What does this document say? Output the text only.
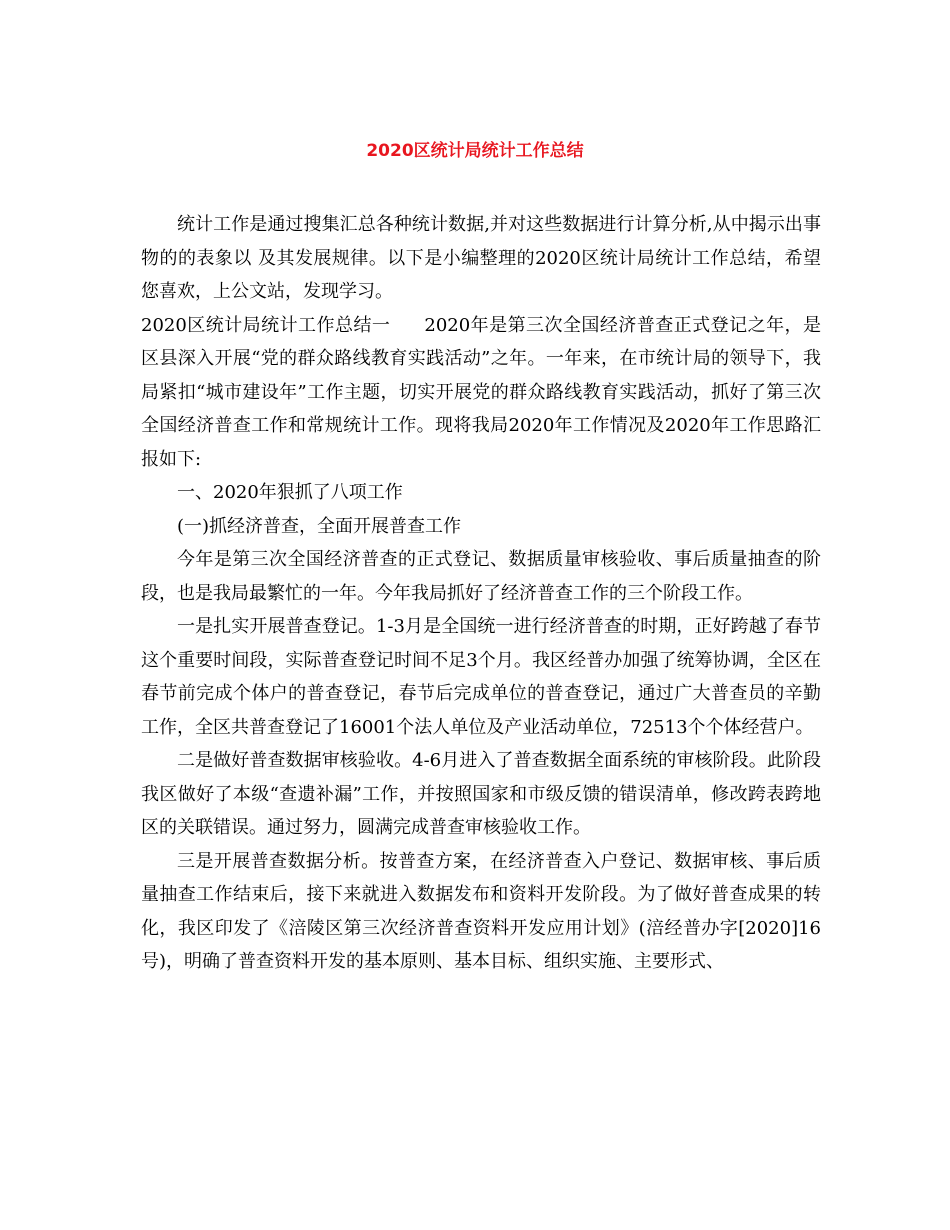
2020区统计局统计工作总结

统计工作是通过搜集汇总各种统计数据,并对这些数据进行计算分析,从中揭示出事物的的表象以 及其发展规律。以下是小编整理的2020区统计局统计工作总结，希望您喜欢，上公文站，发现学习。

2020区统计局统计工作总结一 2020年是第三次全国经济普查正式登记之年，是区县深入开展“党的群众路线教育实践活动”之年。一年来，在市统计局的领导下，我局紧扣“城市建设年”工作主题，切实开展党的群众路线教育实践活动，抓好了第三次全国经济普查工作和常规统计工作。现将我局2020年工作情况及2020年工作思路汇报如下:

一、2020年狠抓了八项工作

(一)抓经济普查，全面开展普查工作

今年是第三次全国经济普查的正式登记、数据质量审核验收、事后质量抽查的阶段，也是我局最繁忙的一年。今年我局抓好了经济普查工作的三个阶段工作。

一是扎实开展普查登记。1-3月是全国统一进行经济普查的时期，正好跨越了春节这个重要时间段，实际普查登记时间不足3个月。我区经普办加强了统筹协调，全区在春节前完成个体户的普查登记，春节后完成单位的普查登记，通过广大普查员的辛勤工作，全区共普查登记了16001个法人单位及产业活动单位，72513个个体经营户。

二是做好普查数据审核验收。4-6月进入了普查数据全面系统的审核阶段。此阶段我区做好了本级“查遗补漏”工作，并按照国家和市级反馈的错误清单，修改跨表跨地区的关联错误。通过努力，圆满完成普查审核验收工作。

三是开展普查数据分析。按普查方案，在经济普查入户登记、数据审核、事后质量抽查工作结束后，接下来就进入数据发布和资料开发阶段。为了做好普查成果的转化，我区印发了《涪陵区第三次经济普查资料开发应用计划》(涪经普办字[2020]16号)，明确了普查资料开发的基本原则、基本目标、组织实施、主要形式、
